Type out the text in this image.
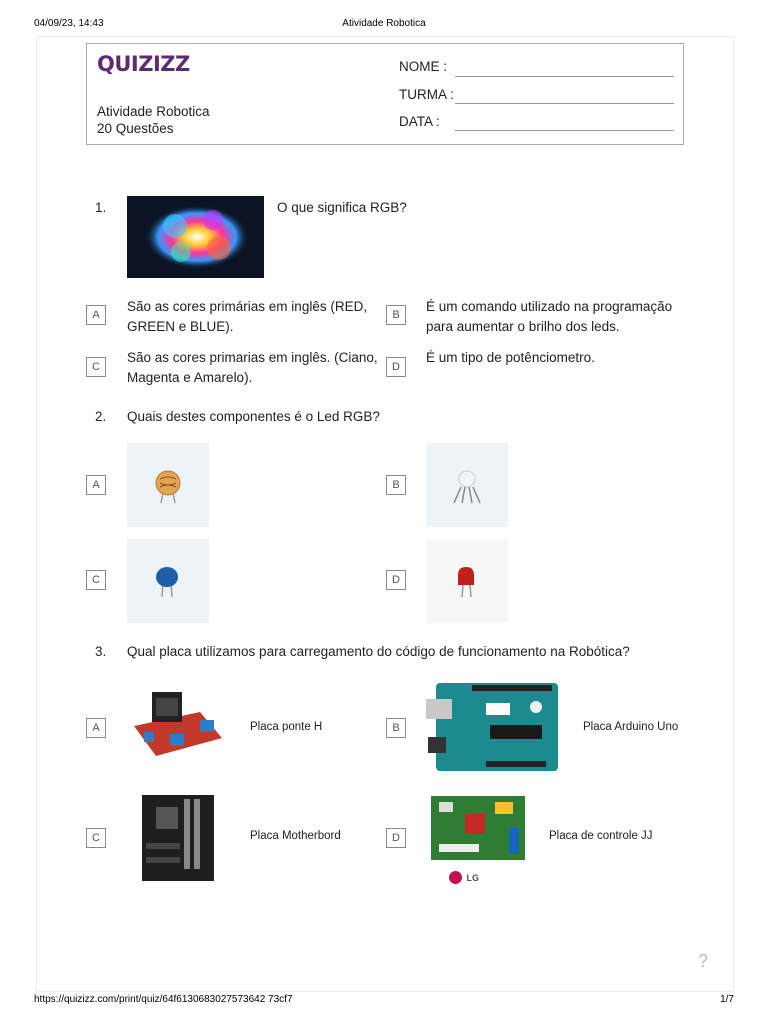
04/09/23, 14:43	Atividade Robotica
QUIZIZZ
Atividade Robotica
20 Questões
NOME :
TURMA :
DATA :
1.	O que significa RGB?
A
São as cores primárias em inglês (RED, GREEN e BLUE).
B
É um comando utilizado na programação para aumentar o brilho dos leds.
C
São as cores primarias em inglês. (Ciano, Magenta e Amarelo).
D
É um tipo de potênciometro.
2. Quais destes componentes é o Led RGB?
A	B
C	D
3. Qual placa utilizamos para carregamento do código de funcionamento na Robótica?
A	Placa ponte H	B	Placa Arduino Uno
C	Placa Motherbord	D
LG
Placa de controle JJ
?
https://quizizz.com/print/quiz/64f6130683027573642 73cf7	1/7
